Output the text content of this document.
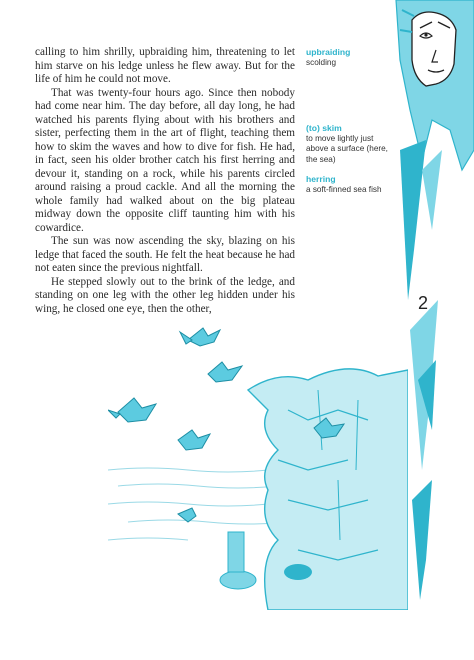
calling to him shrilly, upbraiding him, threatening to let him starve on his ledge unless he flew away. But for the life of him he could not move.

That was twenty-four hours ago. Since then nobody had come near him. The day before, all day long, he had watched his parents flying about with his brothers and sister, perfecting them in the art of flight, teaching them how to skim the waves and how to dive for fish. He had, in fact, seen his older brother catch his first herring and devour it, standing on a rock, while his parents circled around raising a proud cackle. And all the morning the whole family had walked about on the big plateau midway down the opposite cliff taunting him with his cowardice.

The sun was now ascending the sky, blazing on his ledge that faced the south. He felt the heat because he had not eaten since the previous nightfall.

He stepped slowly out to the brink of the ledge, and standing on one leg with the other leg hidden under his wing, he closed one eye, then the other,

upbraiding
scolding
(to) skim
to move lightly just above a surface (here, the sea)
herring
a soft-finned sea fish
2
